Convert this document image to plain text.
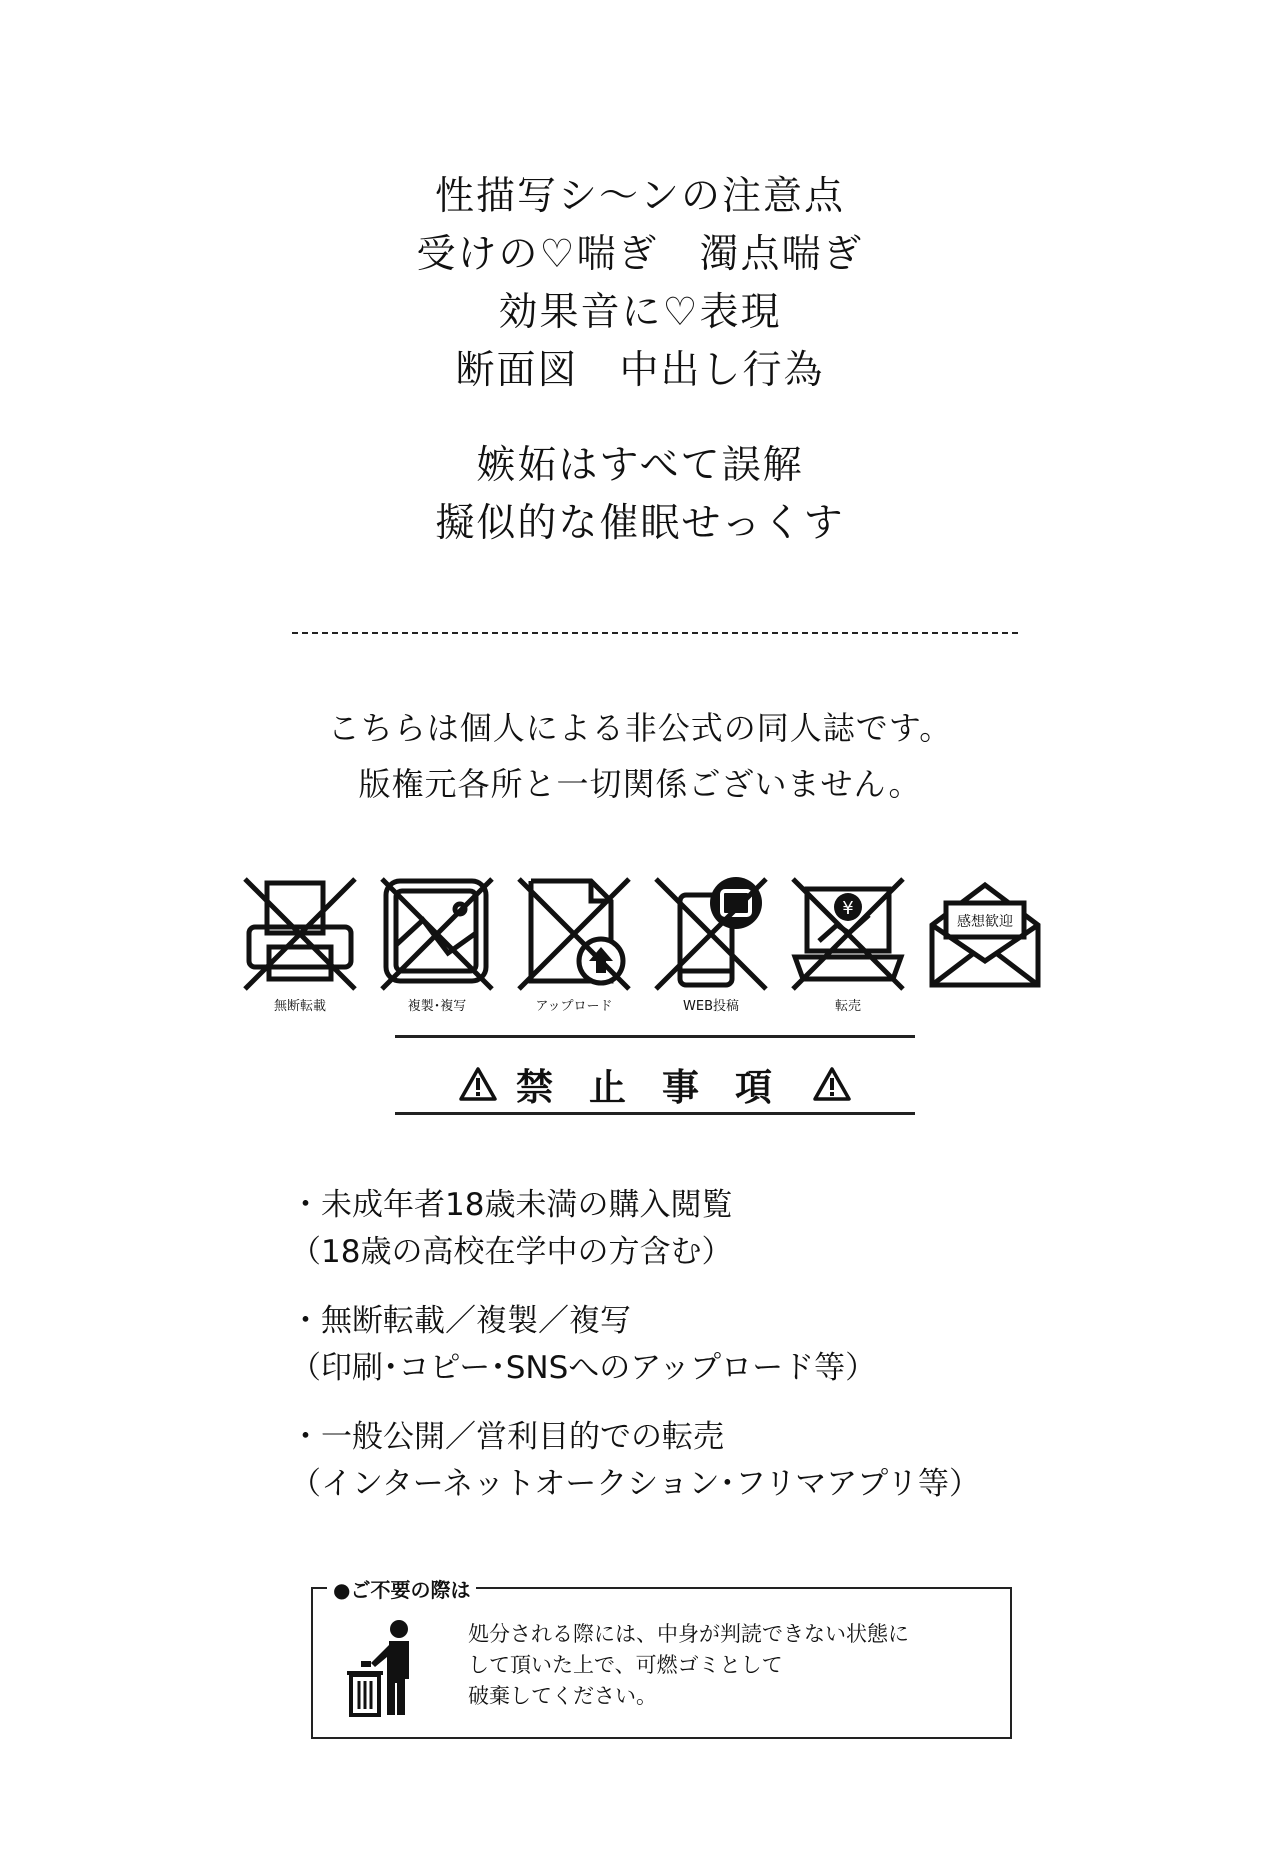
性描写シ～ンの注意点
受けの♡喘ぎ　濁点喘ぎ
効果音に♡表現
断面図　中出し行為
嫉妬はすべて誤解
擬似的な催眠せっくす
こちらは個人による非公式の同人誌です。
版権元各所と一切関係ございません。
無断転載	複製･複写	アップロード	WEB投稿
¥
転売
感想歓迎
禁止事項
・未成年者18歳未満の購入閲覧
（18歳の高校在学中の方含む）
・無断転載／複製／複写
（印刷･コピー･SNSへのアップロード等）
・一般公開／営利目的での転売
（インターネットオークション･フリマアプリ等）
●ご不要の際は
処分される際には、中身が判読できない状態に
して頂いた上で、可燃ゴミとして
破棄してください。
